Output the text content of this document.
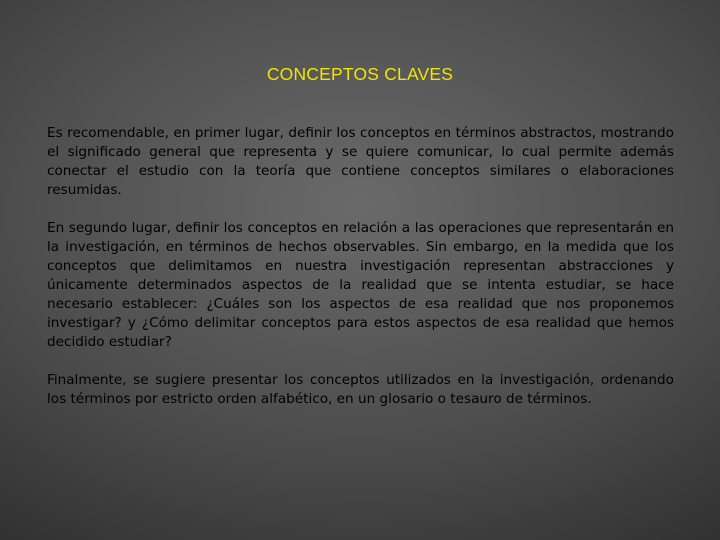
CONCEPTOS CLAVES

Es recomendable, en primer lugar, definir los conceptos en términos abstractos, mostrando el significado general que representa y se quiere comunicar, lo cual permite además conectar el estudio con la teoría que contiene conceptos similares o elaboraciones resumidas.

En segundo lugar, definir los conceptos en relación a las operaciones que representarán en la investigación, en términos de hechos observables. Sin embargo, en la medida que los conceptos que delimitamos en nuestra investigación representan abstracciones y únicamente determinados aspectos de la realidad que se intenta estudiar, se hace necesario establecer: ¿Cuáles son los aspectos de esa realidad que nos proponemos investigar? y ¿Cómo delimitar conceptos para estos aspectos de esa realidad que hemos decidido estudiar?

Finalmente, se sugiere presentar los conceptos utilizados en la investigación, ordenando los términos por estricto orden alfabético, en un glosario o tesauro de términos.
